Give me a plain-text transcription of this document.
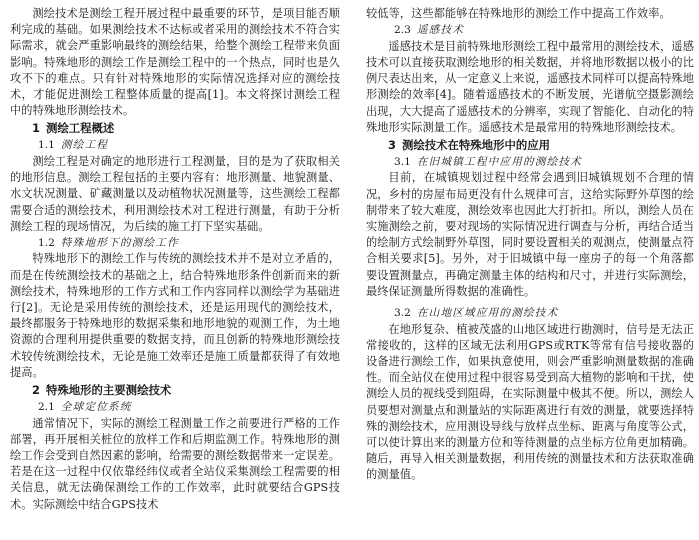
测绘技术是测绘工程开展过程中最重要的环节，是项目能否顺利完成的基础。如果测绘技术不达标或者采用的测绘技术不符合实际需求，就会严重影响最终的测绘结果，给整个测绘工程带来负面影响。特殊地形的测绘工作是测绘工程中的一个热点，同时也是久攻不下的难点。只有针对特殊地形的实际情况选择对应的测绘技术，才能促进测绘工程整体质量的提高[1]。本文将探讨测绘工程中的特殊地形测绘技术。

1 测绘工程概述
1.1 测绘工程

测绘工程是对确定的地形进行工程测量，目的是为了获取相关的地形信息。测绘工程包括的主要内容有：地形测量、地貌测量、水文状况测量、矿藏测量以及动植物状况测量等，这些测绘工程都需要合适的测绘技术，利用测绘技术对工程进行测量，有助于分析测绘工程的现场情况，为后续的施工打下坚实基础。

1.2 特殊地形下的测绘工作

特殊地形下的测绘工作与传统的测绘技术并不是对立矛盾的，而是在传统测绘技术的基础之上，结合特殊地形条件创新而来的新测绘技术，特殊地形的工作方式和工作内容同样以测绘学为基础进行[2]。无论是采用传统的测绘技术，还是运用现代的测绘技术，最终都服务于特殊地形的数据采集和地形地貌的观测工作，为土地资源的合理利用提供重要的数据支持，而且创新的特殊地形测绘技术较传统测绘技术，无论是施工效率还是施工质量都获得了有效地提高。

2 特殊地形的主要测绘技术
2.1 全球定位系统

通常情况下，实际的测绘工程测量工作之前要进行严格的工作部署，再开展相关桩位的放样工作和后期监测工作。特殊地形的测绘工作会受到自然因素的影响，给需要的测绘数据带来一定误差。若是在这一过程中仅依靠经纬仪或者全站仪采集测绘工程需要的相关信息，就无法确保测绘工作的工作效率，此时就要结合GPS技术。实际测绘中结合GPS技术

较低等，这些都能够在特殊地形的测绘工作中提高工作效率。

2.3 遥感技术

遥感技术是目前特殊地形测绘工程中最常用的测绘技术，遥感技术可以直接获取测绘地形的相关数据，并将地形数据以极小的比例尺表达出来，从一定意义上来说，遥感技术同样可以提高特殊地形测绘的效率[4]。随着遥感技术的不断发展，光谱航空摄影测绘出现，大大提高了遥感技术的分辨率，实现了智能化、自动化的特殊地形实际测量工作。遥感技术是最常用的特殊地形测绘技术。

3 测绘技术在特殊地形中的应用
3.1 在旧城镇工程中应用的测绘技术

目前，在城镇规划过程中经常会遇到旧城镇规划不合理的情况，乡村的房屋布局更没有什么规律可言，这给实际野外草图的绘制带来了较大难度，测绘效率也因此大打折扣。所以，测绘人员在实施测绘之前，要对现场的实际情况进行调查与分析，再结合适当的绘制方式绘制野外草图，同时要设置相关的观测点，使测量点符合相关要求[5]。另外，对于旧城镇中每一座房子的每一个角落都要设置测量点，再确定测量主体的结构和尺寸，并进行实际测绘，最终保证测量所得数据的准确性。

3.2 在山地区域应用的测绘技术

在地形复杂、植被茂盛的山地区域进行勘测时，信号是无法正常接收的，这样的区域无法利用GPS或RTK等常有信号接收器的设备进行测绘工作，如果执意使用，则会严重影响测量数据的准确性。而全站仪在使用过程中很容易受到高大植物的影响和干扰，使测绘人员的视线受到阻碍，在实际测量中极其不便。所以，测绘人员要想对测量点和测量站的实际距离进行有效的测量，就要选择特殊的测绘技术，应用测设导线与放样点坐标、距离与角度等公式，可以使计算出来的测量方位和等待测量的点坐标方位角更加精确。随后，再导入相关测量数据，利用传统的测量技术和方法获取准确的测量值。
